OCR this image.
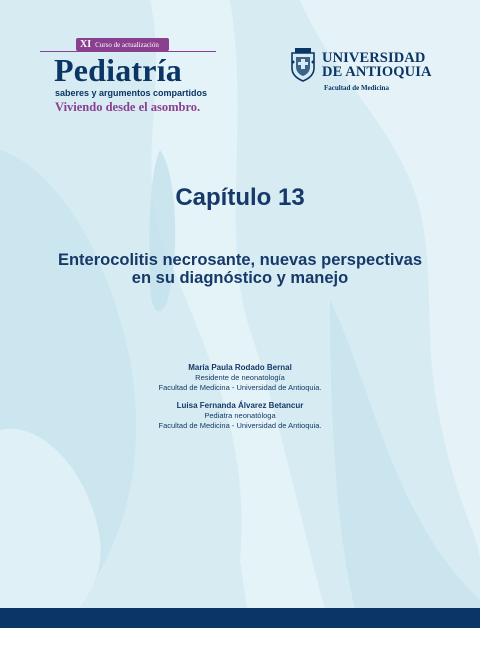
XI Curso de actualización
Pediatría
saberes y argumentos compartidos
Viviendo desde el asombro.
UNIVERSIDAD
DE ANTIOQUIA
Facultad de Medicina
Capítulo 13
Enterocolitis necrosante, nuevas perspectivas
en su diagnóstico y manejo
María Paula Rodado Bernal
Residente de neonatología
Facultad de Medicina - Universidad de Antioquia.
Luisa Fernanda Álvarez Betancur
Pediatra neonatóloga
Facultad de Medicina - Universidad de Antioquia.
